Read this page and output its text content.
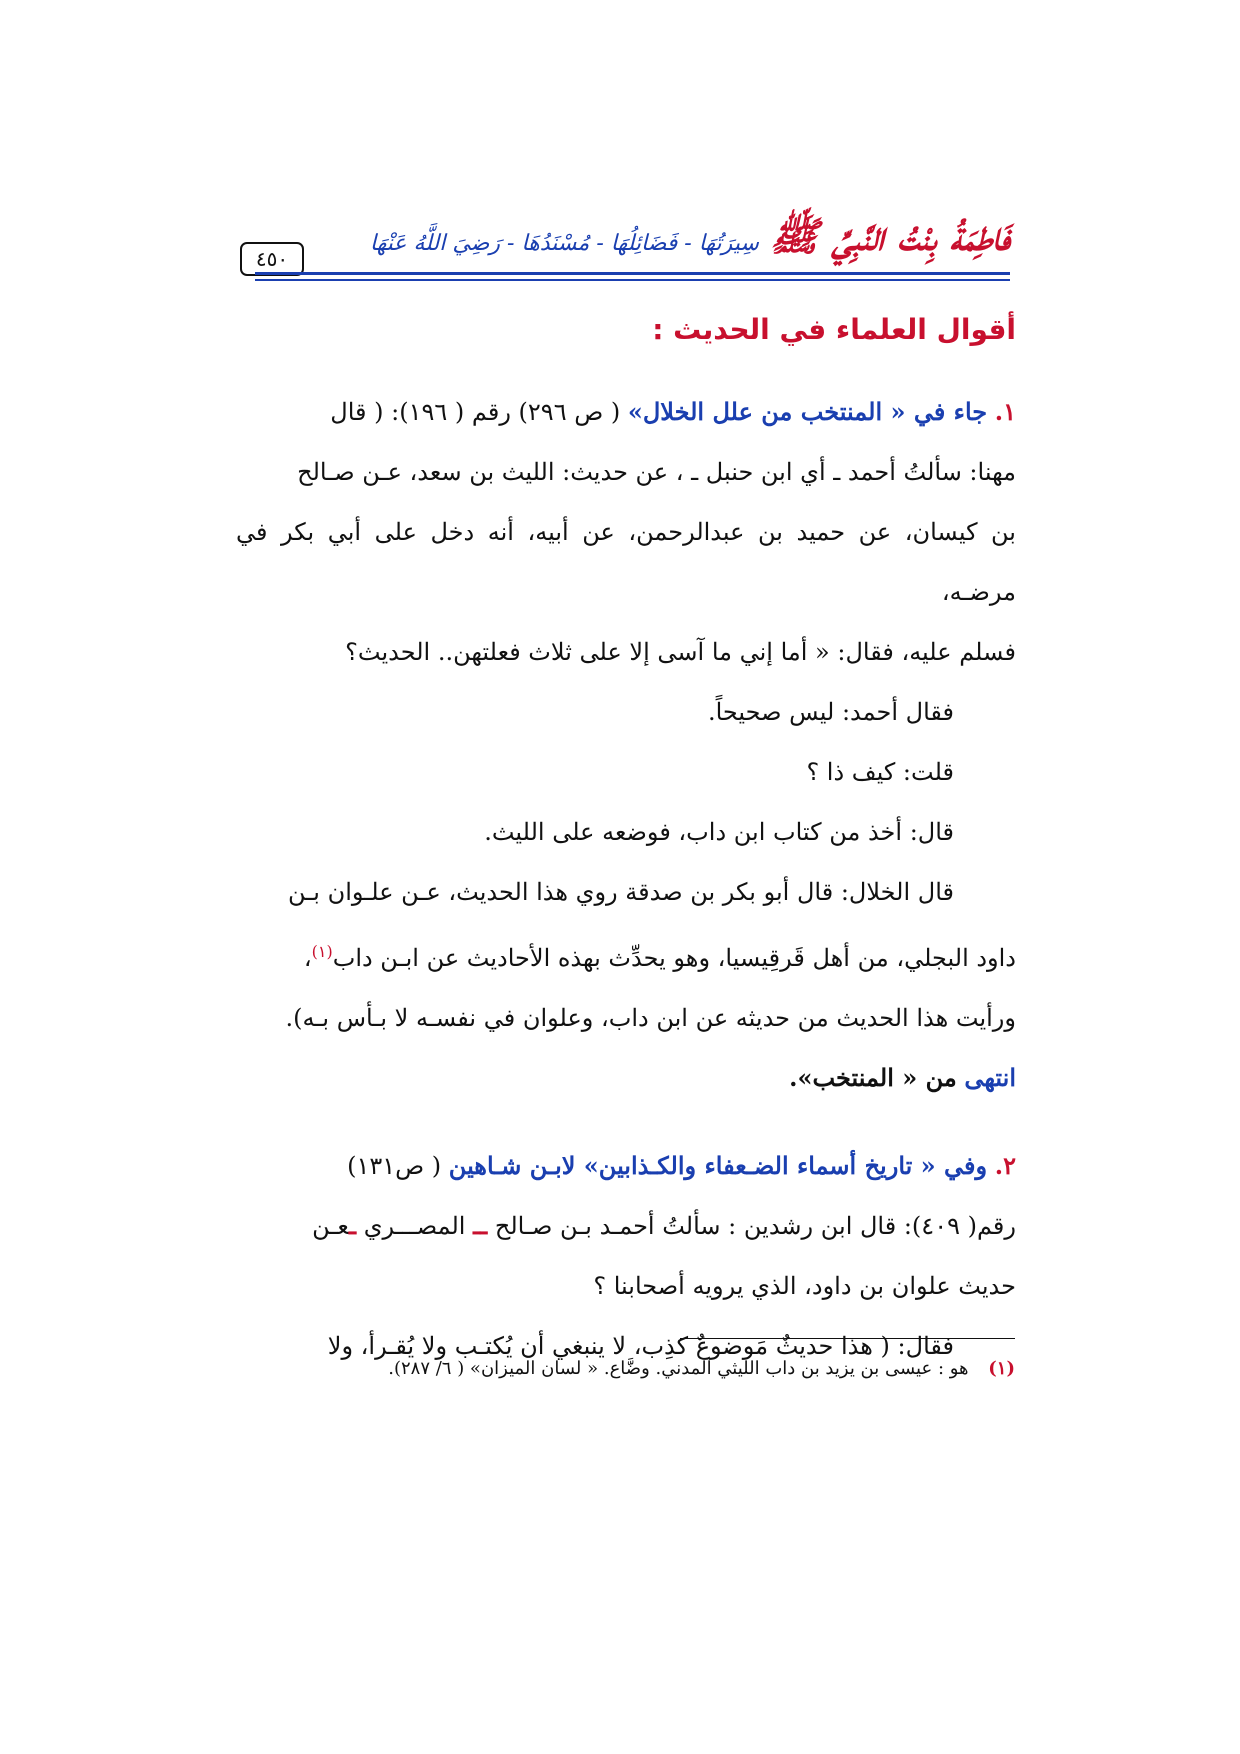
٤٥٠	فَاطِمَةُ بِنْتُ النَّبِيِّ ﷺ سِيرَتُهَا - فَضَائِلُهَا - مُسْنَدُهَا - رَضِيَ اللَّهُ عَنْهَا
أقوال العلماء في الحديث :

١. جاء في « المنتخب من علل الخلال» ( ص ٢٩٦) رقم ( ١٩٦): ( قال

مهنا: سألتُ أحمد ـ أي ابن حنبل ـ ، عن حديث: الليث بن سعد، عـن صـالح

بن كيسان، عن حميد بن عبدالرحمن، عن أبيه، أنه دخل على أبي بكر في مرضـه،

فسلم عليه، فقال: « أما إني ما آسى إلا على ثلاث فعلتهن.. الحديث؟

فقال أحمد: ليس صحيحاً.

قلت: كيف ذا ؟

قال: أخذ من كتاب ابن داب، فوضعه على الليث.

قال الخلال: قال أبو بكر بن صدقة روي هذا الحديث، عـن علـوان بـن

داود البجلي، من أهل قَرقِيسيا، وهو يحدِّث بهذه الأحاديث عن ابـن داب$^{(١)}$،

ورأيت هذا الحديث من حديثه عن ابن داب، وعلوان في نفسـه لا بـأس بـه).

انتهى من « المنتخب».

٢. وفي « تاريخ أسماء الضـعفاء والكـذابين» لابـن شـاهين ( ص١٣١)

رقم( ٤٠٩): قال ابن رشدين : سألتُ أحمـد بـن صـالح ــ المصـــري ـعـن

حديث علوان بن داود، الذي يرويه أصحابنا ؟

فقال: ( هذا حديثٌ مَوضوعٌ كذِب، لا ينبغي أن يُكتـب ولا يُقـرأ، ولا

(١) هو : عيسى بن يزيد بن داب الليثي المدني. وضَّاع. « لسان الميزان» ( ٦/ ٢٨٧).
